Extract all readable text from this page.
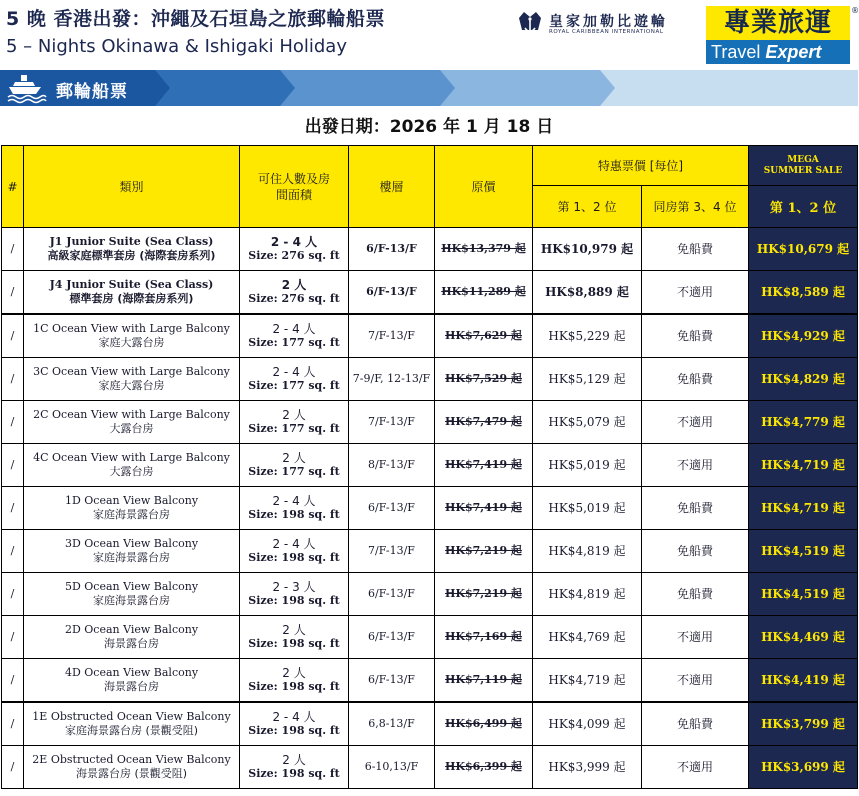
5 晚 香港出發：沖繩及石垣島之旅郵輪船票
5 – Nights Okinawa & Ishigaki Holiday
皇家加勒比遊輪
ROYAL CARIBBEAN INTERNATIONAL	專業旅運
Travel Expert
®
郵輪船票
出發日期：2026 年 1 月 18 日
#	類別	可住人數及房間面積	樓層	原價	特惠票價 [每位]		MEGA SUMMER SALE
					第 1、2 位	同房第 3、4 位	第 1、2 位
/	J1 Junior Suite (Sea Class)
高級家庭標準套房 (海際套房系列)	2 - 4 人
Size: 276 sq. ft	6/F-13/F	HK$13,379 起	HK$10,979 起	免船費	HK$10,679 起
/	J4 Junior Suite (Sea Class)
標準套房 (海際套房系列)	2 人
Size: 276 sq. ft	6/F-13/F	HK$11,289 起	HK$8,889 起	不適用	HK$8,589 起
/	1C Ocean View with Large Balcony
家庭大露台房	2 - 4 人
Size: 177 sq. ft	7/F-13/F	HK$7,629 起	HK$5,229 起	免船費	HK$4,929 起
/	3C Ocean View with Large Balcony
家庭大露台房	2 - 4 人
Size: 177 sq. ft	7-9/F, 12-13/F	HK$7,529 起	HK$5,129 起	免船費	HK$4,829 起
/	2C Ocean View with Large Balcony
大露台房	2 人
Size: 177 sq. ft	7/F-13/F	HK$7,479 起	HK$5,079 起	不適用	HK$4,779 起
/	4C Ocean View with Large Balcony
大露台房	2 人
Size: 177 sq. ft	8/F-13/F	HK$7,419 起	HK$5,019 起	不適用	HK$4,719 起
/	1D Ocean View Balcony
家庭海景露台房	2 - 4 人
Size: 198 sq. ft	6/F-13/F	HK$7,419 起	HK$5,019 起	免船費	HK$4,719 起
/	3D Ocean View Balcony
家庭海景露台房	2 - 4 人
Size: 198 sq. ft	7/F-13/F	HK$7,219 起	HK$4,819 起	免船費	HK$4,519 起
/	5D Ocean View Balcony
家庭海景露台房	2 - 3 人
Size: 198 sq. ft	6/F-13/F	HK$7,219 起	HK$4,819 起	免船費	HK$4,519 起
/	2D Ocean View Balcony
海景露台房	2 人
Size: 198 sq. ft	6/F-13/F	HK$7,169 起	HK$4,769 起	不適用	HK$4,469 起
/	4D Ocean View Balcony
海景露台房	2 人
Size: 198 sq. ft	6/F-13/F	HK$7,119 起	HK$4,719 起	不適用	HK$4,419 起
/	1E Obstructed Ocean View Balcony
家庭海景露台房 (景觀受阻)	2 - 4 人
Size: 198 sq. ft	6,8-13/F	HK$6,499 起	HK$4,099 起	免船費	HK$3,799 起
/	2E Obstructed Ocean View Balcony
海景露台房 (景觀受阻)	2 人
Size: 198 sq. ft	6-10,13/F	HK$6,399 起	HK$3,999 起	不適用	HK$3,699 起
